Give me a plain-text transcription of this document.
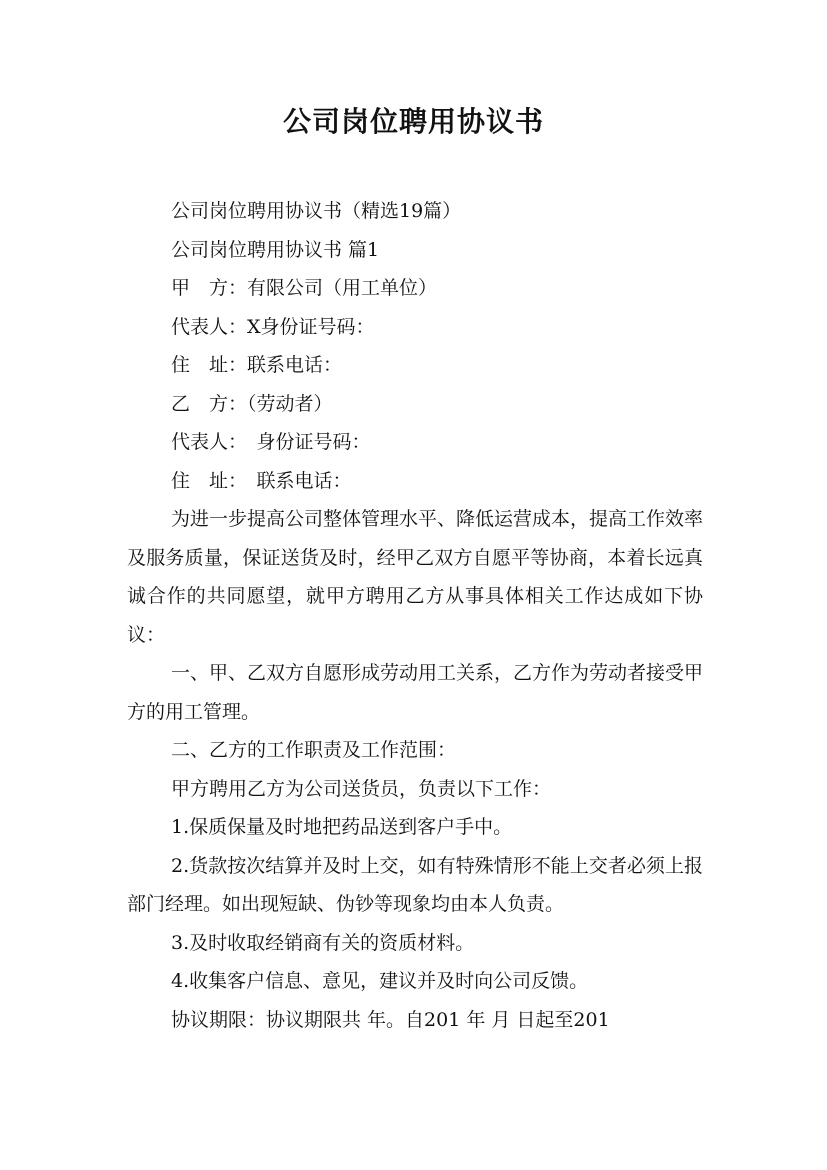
公司岗位聘用协议书
公司岗位聘用协议书（精选19篇）
公司岗位聘用协议书 篇1
甲　方：有限公司（用工单位）
代表人：X身份证号码：
住　址：联系电话：
乙　方：（劳动者）
代表人：　身份证号码：
住　址：　联系电话：
为进一步提高公司整体管理水平、降低运营成本，提高工作效率及服务质量，保证送货及时，经甲乙双方自愿平等协商，本着长远真诚合作的共同愿望，就甲方聘用乙方从事具体相关工作达成如下协议：
一、甲、乙双方自愿形成劳动用工关系，乙方作为劳动者接受甲方的用工管理。
二、乙方的工作职责及工作范围：
甲方聘用乙方为公司送货员，负责以下工作：
1.保质保量及时地把药品送到客户手中。
2.货款按次结算并及时上交，如有特殊情形不能上交者必须上报部门经理。如出现短缺、伪钞等现象均由本人负责。
3.及时收取经销商有关的资质材料。
4.收集客户信息、意见，建议并及时向公司反馈。
协议期限：协议期限共 年。自201 年 月 日起至201
